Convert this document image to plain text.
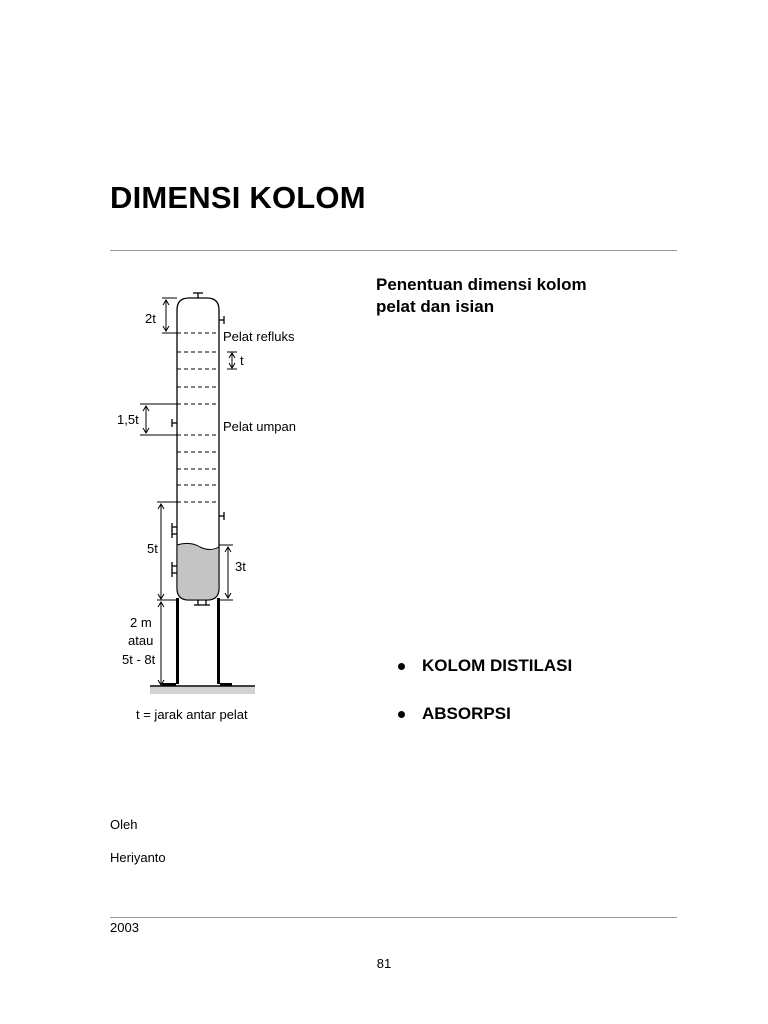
DIMENSI KOLOM
2t
Pelat refluks
t
1,5t	Pelat umpan
5t
3t
2 m
atau
5t - 8t
t = jarak antar pelat
Penentuan dimensi kolom
pelat dan isian
KOLOM DISTILASI
ABSORPSI
Oleh
Heriyanto
2003
81
